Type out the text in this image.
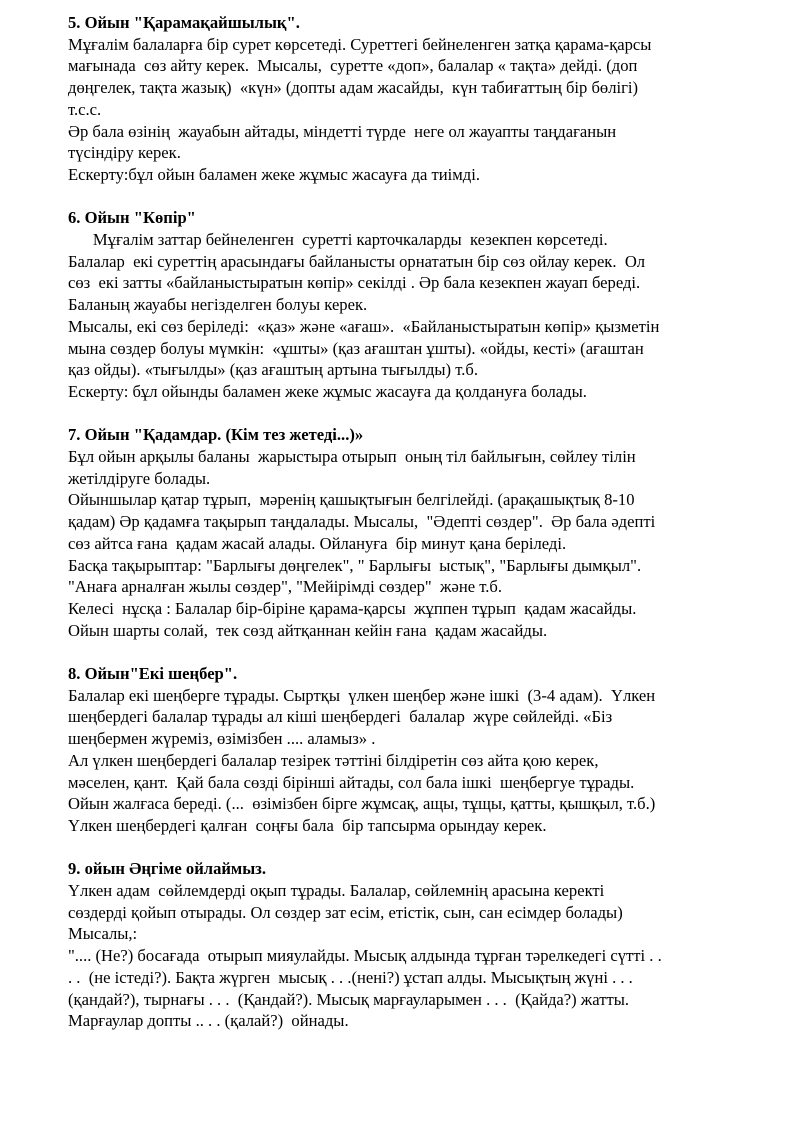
5. Ойын "Қарамақайшылық".
Мұғалім балаларға бір сурет көрсетеді. Суреттегі бейнеленген затқа қарама-қарсы
мағынада  сөз айту керек.  Мысалы,  суретте «доп», балалар « тақта» дейді. (доп
дөңгелек, тақта жазық)  «күн» (допты адам жасайды,  күн табиғаттың бір бөлігі)
т.с.с.
Әр бала өзінің  жауабын айтады, міндетті түрде  неге ол жауапты таңдағанын
түсіндіру керек.
Ескерту:бұл ойын баламен жеке жұмыс жасауға да тиімді.
6. Ойын "Көпір"
Мұғалім заттар бейнеленген  суретті карточкаларды  кезекпен көрсетеді.
Балалар  екі суреттің арасындағы байланысты орнататын бір сөз ойлау керек.  Ол
сөз  екі затты «байланыстыратын көпір» секілді . Әр бала кезекпен жауап береді.
Баланың жауабы негізделген болуы керек.
Мысалы, екі сөз беріледі:  «қаз» және «ағаш».  «Байланыстыратын көпір» қызметін
мына сөздер болуы мүмкін:  «ұшты» (қаз ағаштан ұшты). «ойды, кесті» (ағаштан
қаз ойды). «тығылды» (қаз ағаштың артына тығылды) т.б.
Ескерту: бұл ойынды баламен жеке жұмыс жасауға да қолдануға болады.
7. Ойын "Қадамдар. (Кім тез жетеді...)»
Бұл ойын арқылы баланы  жарыстыра отырып  оның тіл байлығын, сөйлеу тілін
жетілдіруге болады.
Ойыншылар қатар тұрып,  мәренің қашықтығын белгілейді. (арақашықтық 8-10
қадам) Әр қадамға тақырып таңдалады. Мысалы,  "Әдепті сөздер".  Әр бала әдепті
сөз айтса ғана  қадам жасай алады. Ойлануға  бір минут қана беріледі.
Басқа тақырыптар: "Барлығы дөңгелек", " Барлығы  ыстық", "Барлығы дымқыл".
"Анаға арналған жылы сөздер", "Мейірімді сөздер"  және т.б.
Келесі  нұсқа : Балалар бір-біріне қарама-қарсы  жұппен тұрып  қадам жасайды.
Ойын шарты солай,  тек сөзд айтқаннан кейін ғана  қадам жасайды.
8. Ойын"Екі шеңбер".
Балалар екі шеңберге тұрады. Сыртқы  үлкен шеңбер және ішкі  (3-4 адам).  Үлкен
шеңбердегі балалар тұрады ал кіші шеңбердегі  балалар  жүре сөйлейді. «Біз
шеңбермен жүреміз, өзімізбен .... аламыз» .
Ал үлкен шеңбердегі балалар тезірек тәттіні білдіретін сөз айта қою керек,
мәселен, қант.  Қай бала сөзді бірінші айтады, сол бала ішкі  шеңбергуе тұрады.
Ойын жалғаса береді. (...  өзімізбен бірге жұмсақ, ащы, тұщы, қатты, қышқыл, т.б.)
Үлкен шеңбердегі қалған  соңғы бала  бір тапсырма орындау керек.
9. ойын Әңгіме ойлаймыз.
Үлкен адам  сөйлемдерді оқып тұрады. Балалар, сөйлемнің арасына керекті
сөздерді қойып отырады. Ол сөздер зат есім, етістік, сын, сан есімдер болады)
Мысалы,:
".... (Не?) босағада  отырып мияулайды. Мысық алдында тұрған тәрелкедегі сүтті . .
. .  (не істеді?). Бақта жүрген  мысық . . .(нені?) ұстап алды. Мысықтың жүні . . .
(қандай?), тырнағы . . .  (Қандай?). Мысық марғауларымен . . .  (Қайда?) жатты.
Марғаулар допты .. . . (қалай?)  ойнады.
